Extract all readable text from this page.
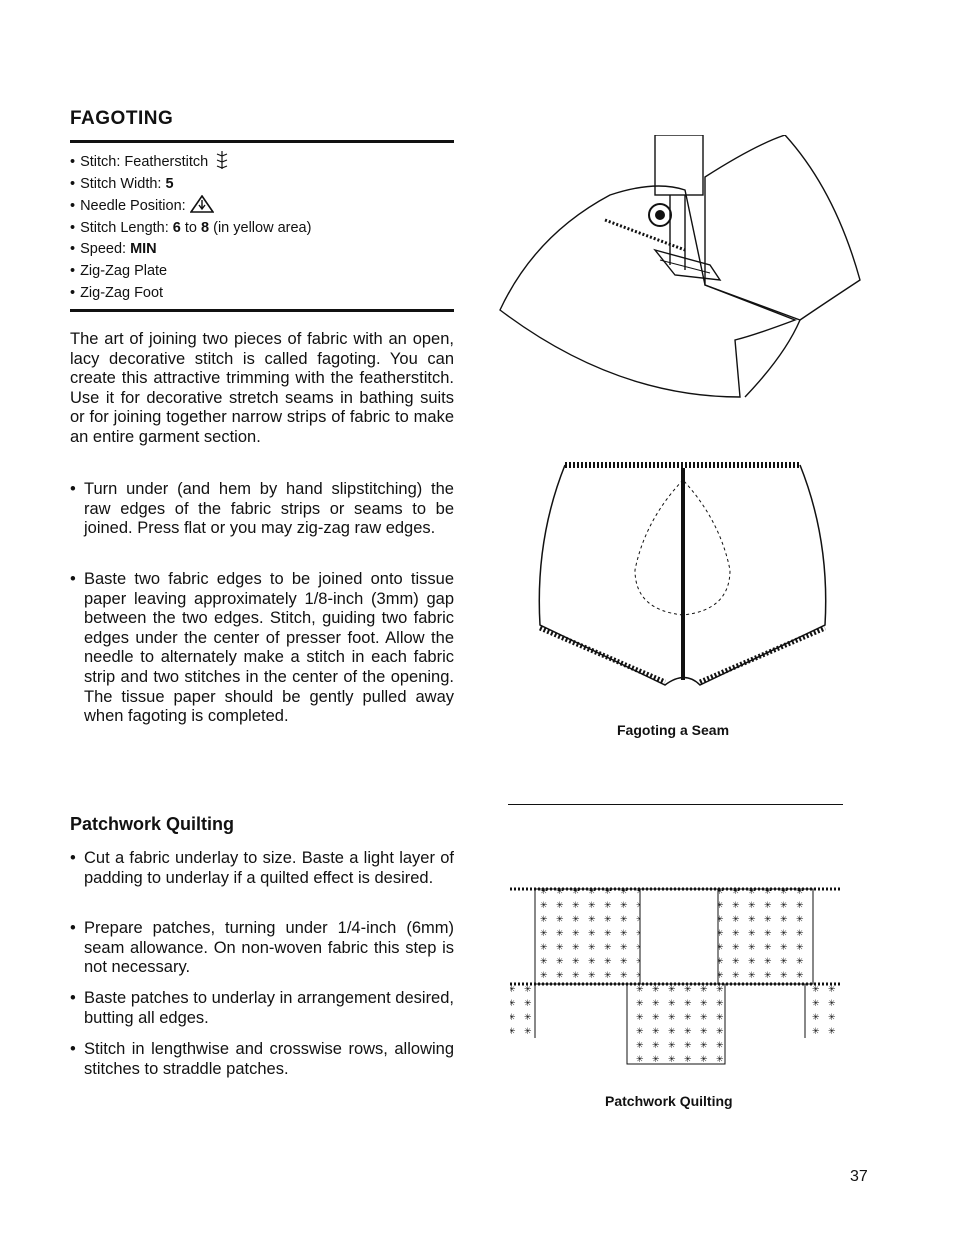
FAGOTING
• Stitch: Featherstitch
• Stitch Width: 5
• Needle Position:
• Stitch Length: 6 to 8 (in yellow area)
• Speed: MIN
• Zig-Zag Plate
• Zig-Zag Foot

The art of joining two pieces of fabric with an open, lacy decorative stitch is called fagoting. You can create this attractive trimming with the featherstitch. Use it for decorative stretch seams in bathing suits or for joining together narrow strips of fabric to make an entire garment section.

• Turn under (and hem by hand slipstitching) the raw edges of the fabric strips or seams to be joined. Press flat or you may zig-zag raw edges.
• Baste two fabric edges to be joined onto tissue paper leaving approximately 1/8-inch (3mm) gap between the two edges. Stitch, guiding two fabric edges under the center of presser foot. Allow the needle to alternately make a stitch in each fabric strip and two stitches in the center of the opening. The tissue paper should be gently pulled away when fagoting is completed.
Fagoting a Seam
Patchwork Quilting
• Cut a fabric underlay to size. Baste a light layer of padding to underlay if a quilted effect is desired.
• Prepare patches, turning under 1/4-inch (6mm) seam allowance. On non-woven fabric this step is not necessary.
• Baste patches to underlay in arrangement desired, butting all edges.
• Stitch in lengthwise and crosswise rows, allowing stitches to straddle patches.
Patchwork Quilting
37
